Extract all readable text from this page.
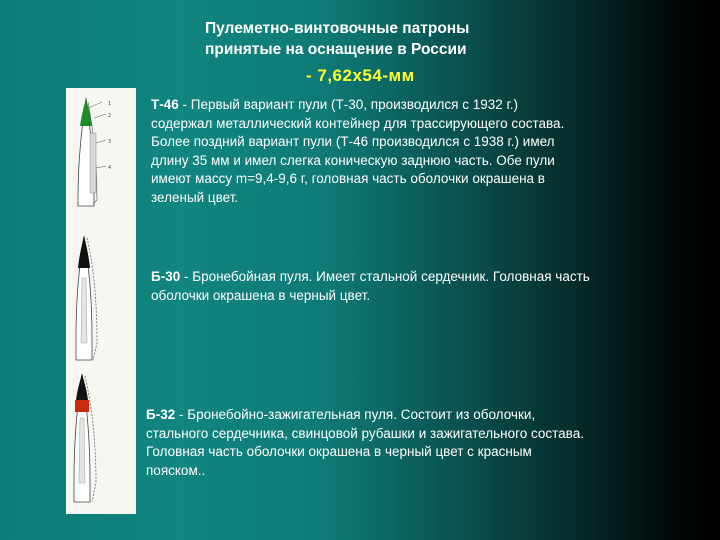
Пулеметно-винтовочные патроны
принятые на оснащение в России
- 7,62х54-мм
1
2
3
4
Т-46 - Первый вариант пули (Т-30, производился с 1932 г.)
содержал металлический контейнер для трассирующего состава.
Более поздний вариант пули (Т-46 производился с 1938 г.) имел
длину 35 мм и имел слегка коническую заднюю часть. Обе пули
имеют массу m=9,4-9,6 г, головная часть оболочки окрашена в
зеленый цвет.
Б-30 - Бронебойная пуля. Имеет стальной сердечник. Головная часть
оболочки окрашена в черный цвет.
Б-32 - Бронебойно-зажигательная пуля. Состоит из оболочки,
стального сердечника, свинцовой рубашки и зажигательного состава.
Головная часть оболочки окрашена в черный цвет с красным
пояском..
